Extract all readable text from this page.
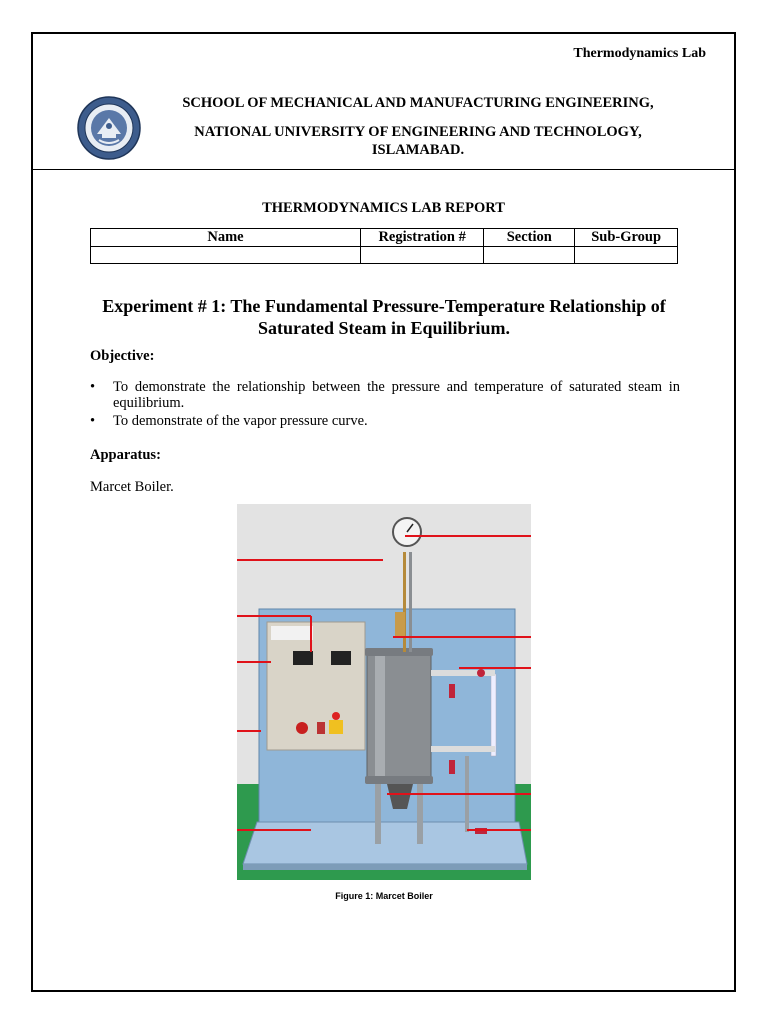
Thermodynamics Lab
SCHOOL OF MECHANICAL AND MANUFACTURING ENGINEERING,
NATIONAL UNIVERSITY OF ENGINEERING AND TECHNOLOGY,
ISLAMABAD.
THERMODYNAMICS LAB REPORT
Name	Registration #	Section	Sub-Group

Experiment # 1: The Fundamental Pressure-Temperature Relationship of
Saturated Steam in Equilibrium.
Objective:
• To demonstrate the relationship between the pressure and temperature of saturated steam in equilibrium.
• To demonstrate of the vapor pressure curve.
Apparatus:
Marcet Boiler.
Figure 1: Marcet Boiler
